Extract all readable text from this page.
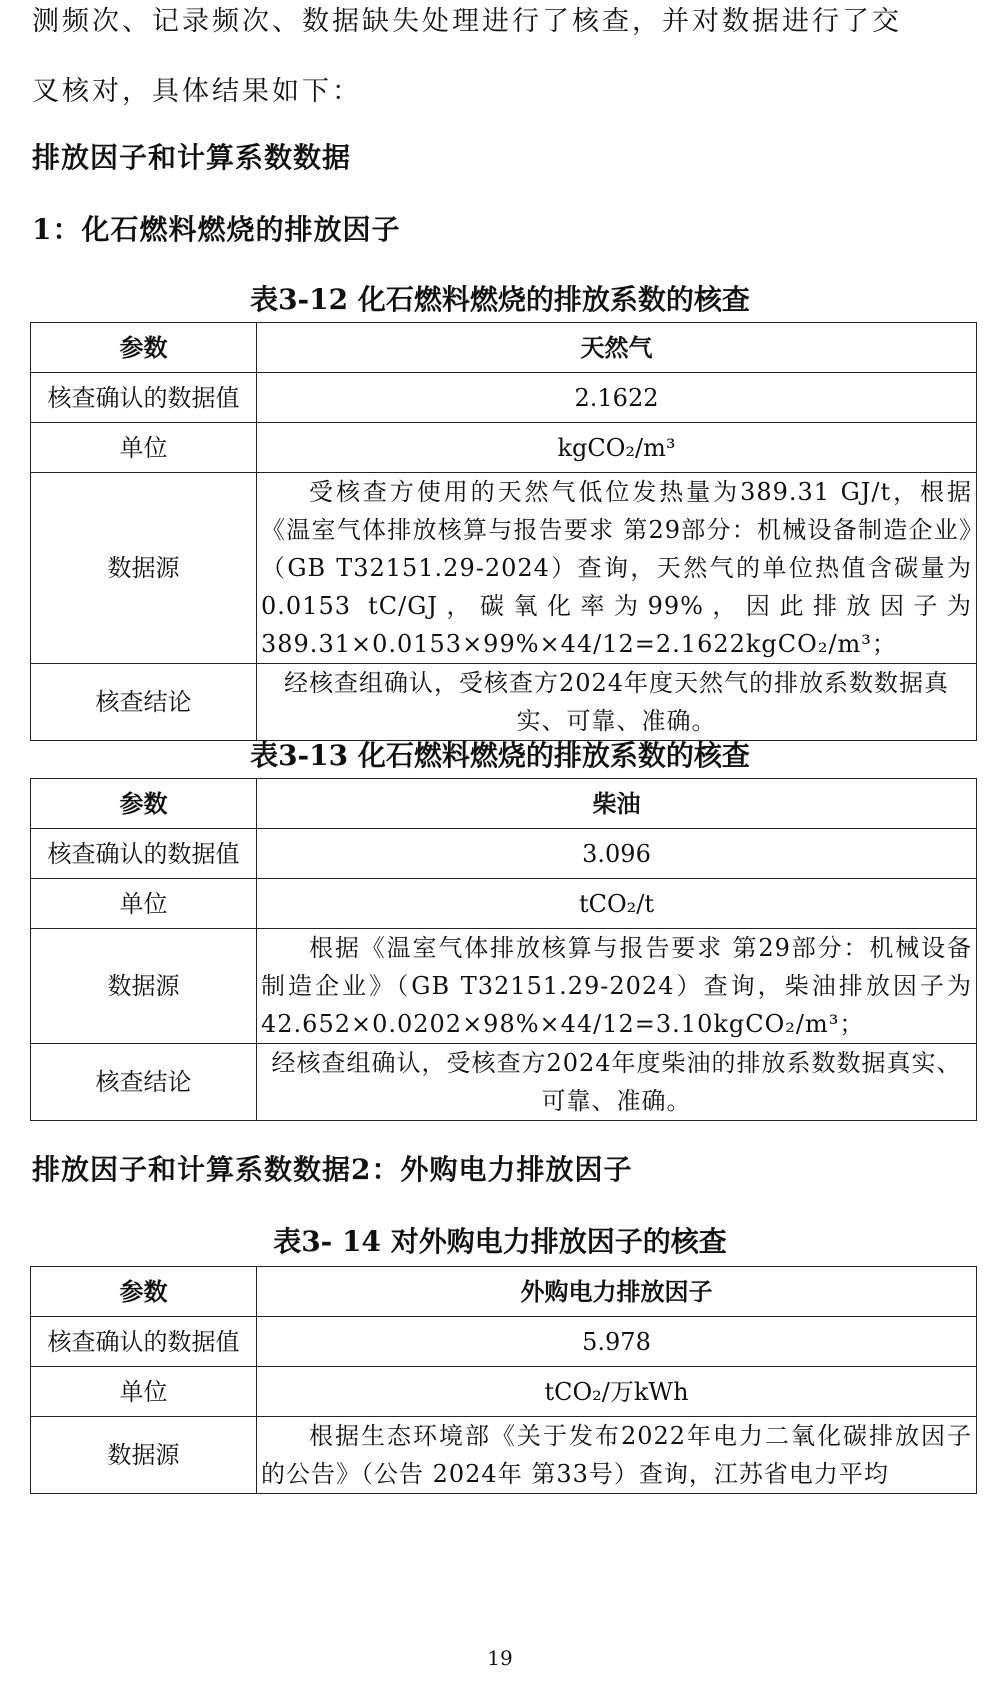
测频次、记录频次、数据缺失处理进行了核查，并对数据进行了交
叉核对，具体结果如下：
排放因子和计算系数数据
1：化石燃料燃烧的排放因子
表3-12 化石燃料燃烧的排放系数的核查
参数	天然气
核查确认的数据值	2.1622
单位	kgCO₂/m³
数据源	受核查方使用的天然气低位发热量为389.31 GJ/t，根据《温室气体排放核算与报告要求 第29部分：机械设备制造企业》（GB T32151.29-2024）查询，天然气的单位热值含碳量为0.0153 tC/GJ，碳氧化率为99%，因此排放因子为389.31×0.0153×99%×44/12=2.1622kgCO₂/m³；
核查结论	经核查组确认，受核查方2024年度天然气的排放系数数据真实、可靠、准确。
表3-13 化石燃料燃烧的排放系数的核查
参数	柴油
核查确认的数据值	3.096
单位	tCO₂/t
数据源	根据《温室气体排放核算与报告要求 第29部分：机械设备制造企业》（GB T32151.29-2024）查询，柴油排放因子为42.652×0.0202×98%×44/12=3.10kgCO₂/m³；
核查结论	经核查组确认，受核查方2024年度柴油的排放系数数据真实、可靠、准确。
排放因子和计算系数数据2：外购电力排放因子
表3- 14 对外购电力排放因子的核查
参数	外购电力排放因子
核查确认的数据值	5.978
单位	tCO₂/万kWh
数据源	根据生态环境部《关于发布2022年电力二氧化碳排放因子的公告》（公告 2024年 第33号）查询，江苏省电力平均
19
